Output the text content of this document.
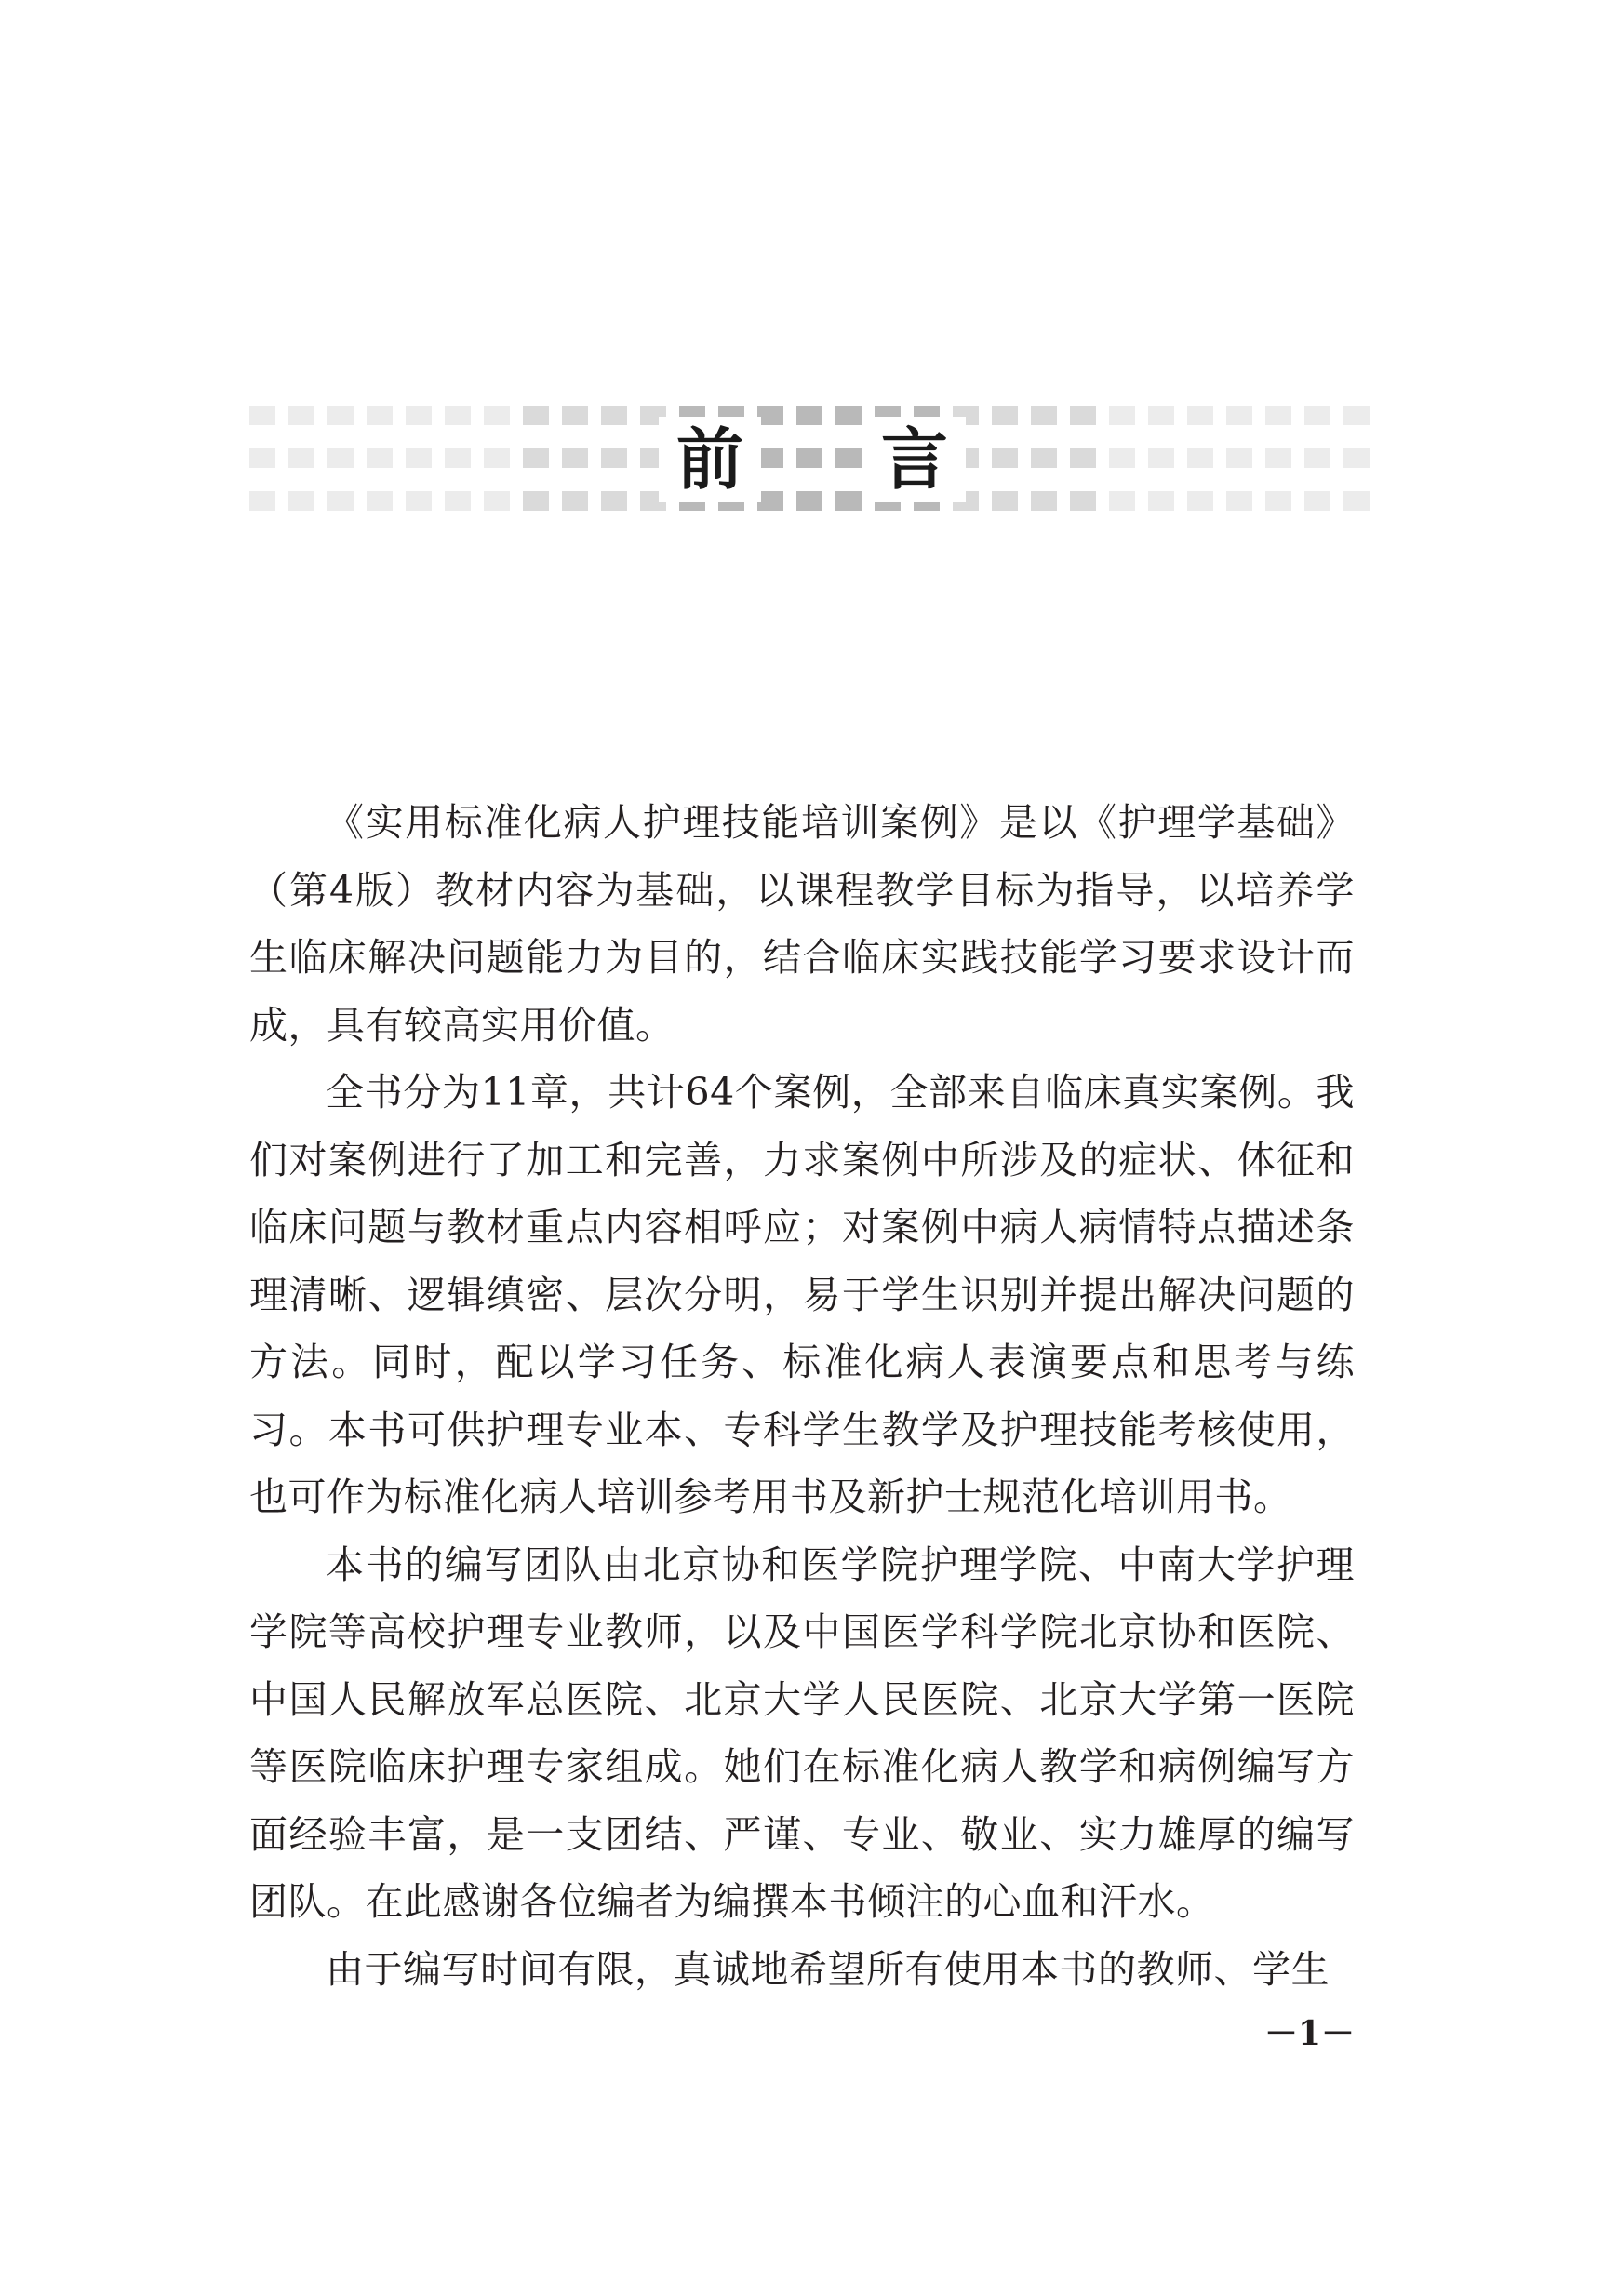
前 言

《实用标准化病人护理技能培训案例》是以《护理学基础》（第4版）教材内容为基础，以课程教学目标为指导，以培养学生临床解决问题能力为目的，结合临床实践技能学习要求设计而成，具有较高实用价值。

全书分为11章，共计64个案例，全部来自临床真实案例。我们对案例进行了加工和完善，力求案例中所涉及的症状、体征和临床问题与教材重点内容相呼应；对案例中病人病情特点描述条理清晰、逻辑缜密、层次分明，易于学生识别并提出解决问题的方法。同时，配以学习任务、标准化病人表演要点和思考与练习。本书可供护理专业本、专科学生教学及护理技能考核使用，也可作为标准化病人培训参考用书及新护士规范化培训用书。

本书的编写团队由北京协和医学院护理学院、中南大学护理学院等高校护理专业教师，以及中国医学科学院北京协和医院、中国人民解放军总医院、北京大学人民医院、北京大学第一医院等医院临床护理专家组成。她们在标准化病人教学和病例编写方面经验丰富，是一支团结、严谨、专业、敬业、实力雄厚的编写团队。在此感谢各位编者为编撰本书倾注的心血和汗水。

由于编写时间有限，真诚地希望所有使用本书的教师、学生

－1－
